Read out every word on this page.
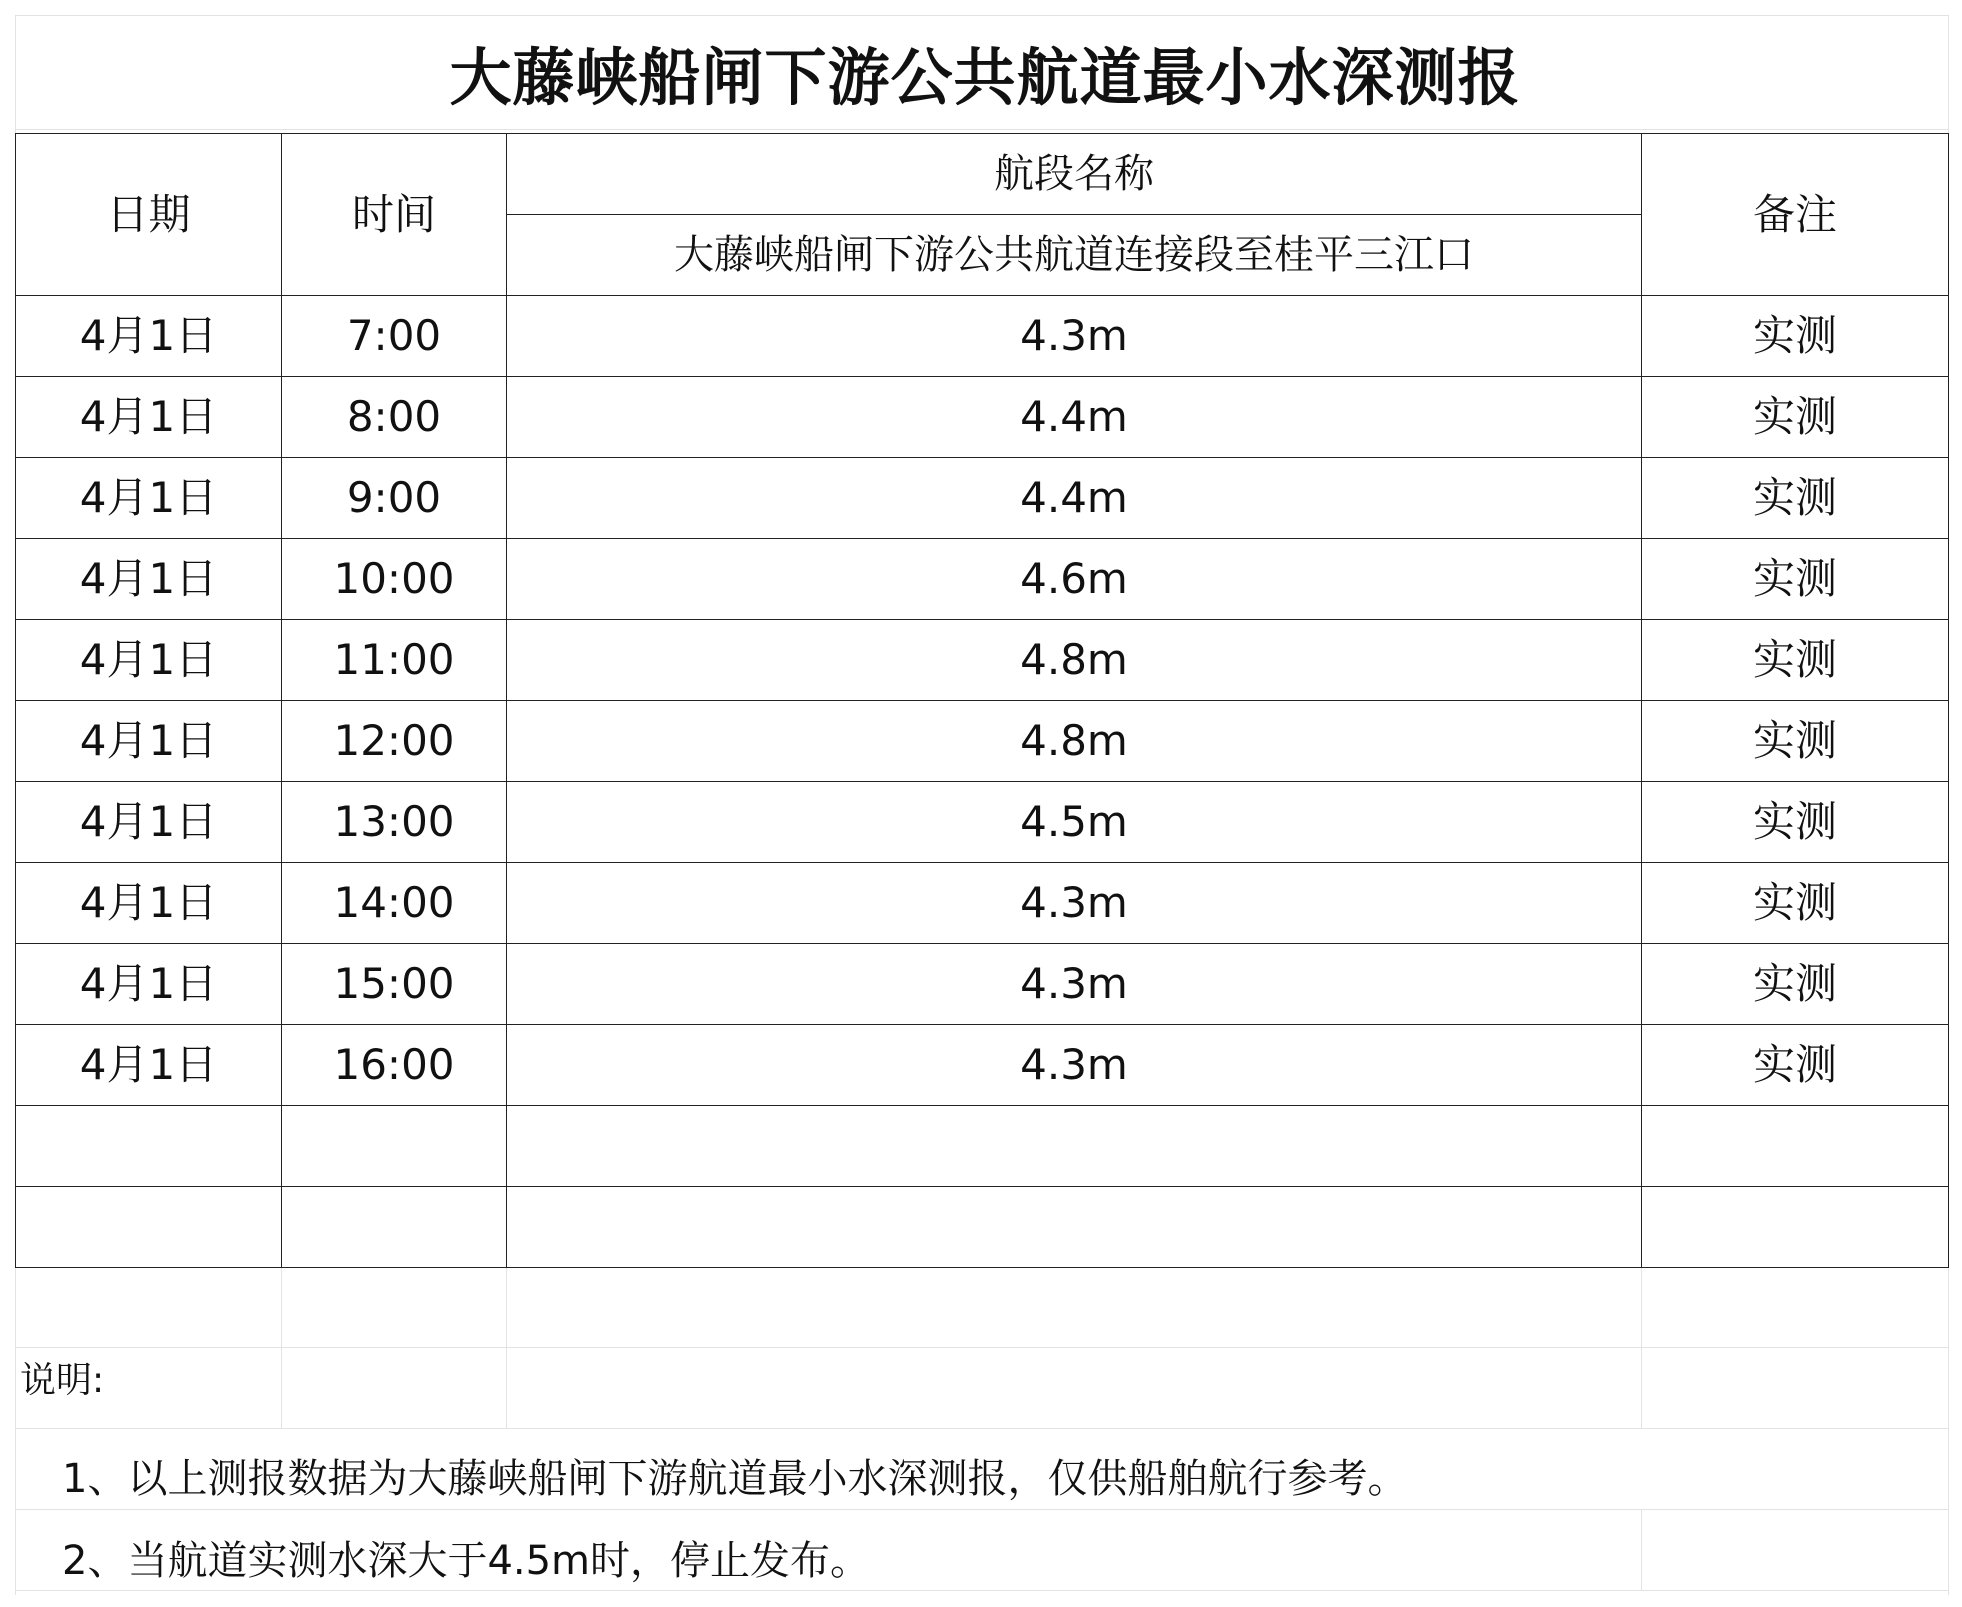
大藤峡船闸下游公共航道最小水深测报
日期	时间	航段名称	备注
		大藤峡船闸下游公共航道连接段至桂平三江口	
4月1日	7:00	4.3m	实测
4月1日	8:00	4.4m	实测
4月1日	9:00	4.4m	实测
4月1日	10:00	4.6m	实测
4月1日	11:00	4.8m	实测
4月1日	12:00	4.8m	实测
4月1日	13:00	4.5m	实测
4月1日	14:00	4.3m	实测
4月1日	15:00	4.3m	实测
4月1日	16:00	4.3m	实测

说明:
1、以上测报数据为大藤峡船闸下游航道最小水深测报，仅供船舶航行参考。
2、当航道实测水深大于4.5m时，停止发布。
